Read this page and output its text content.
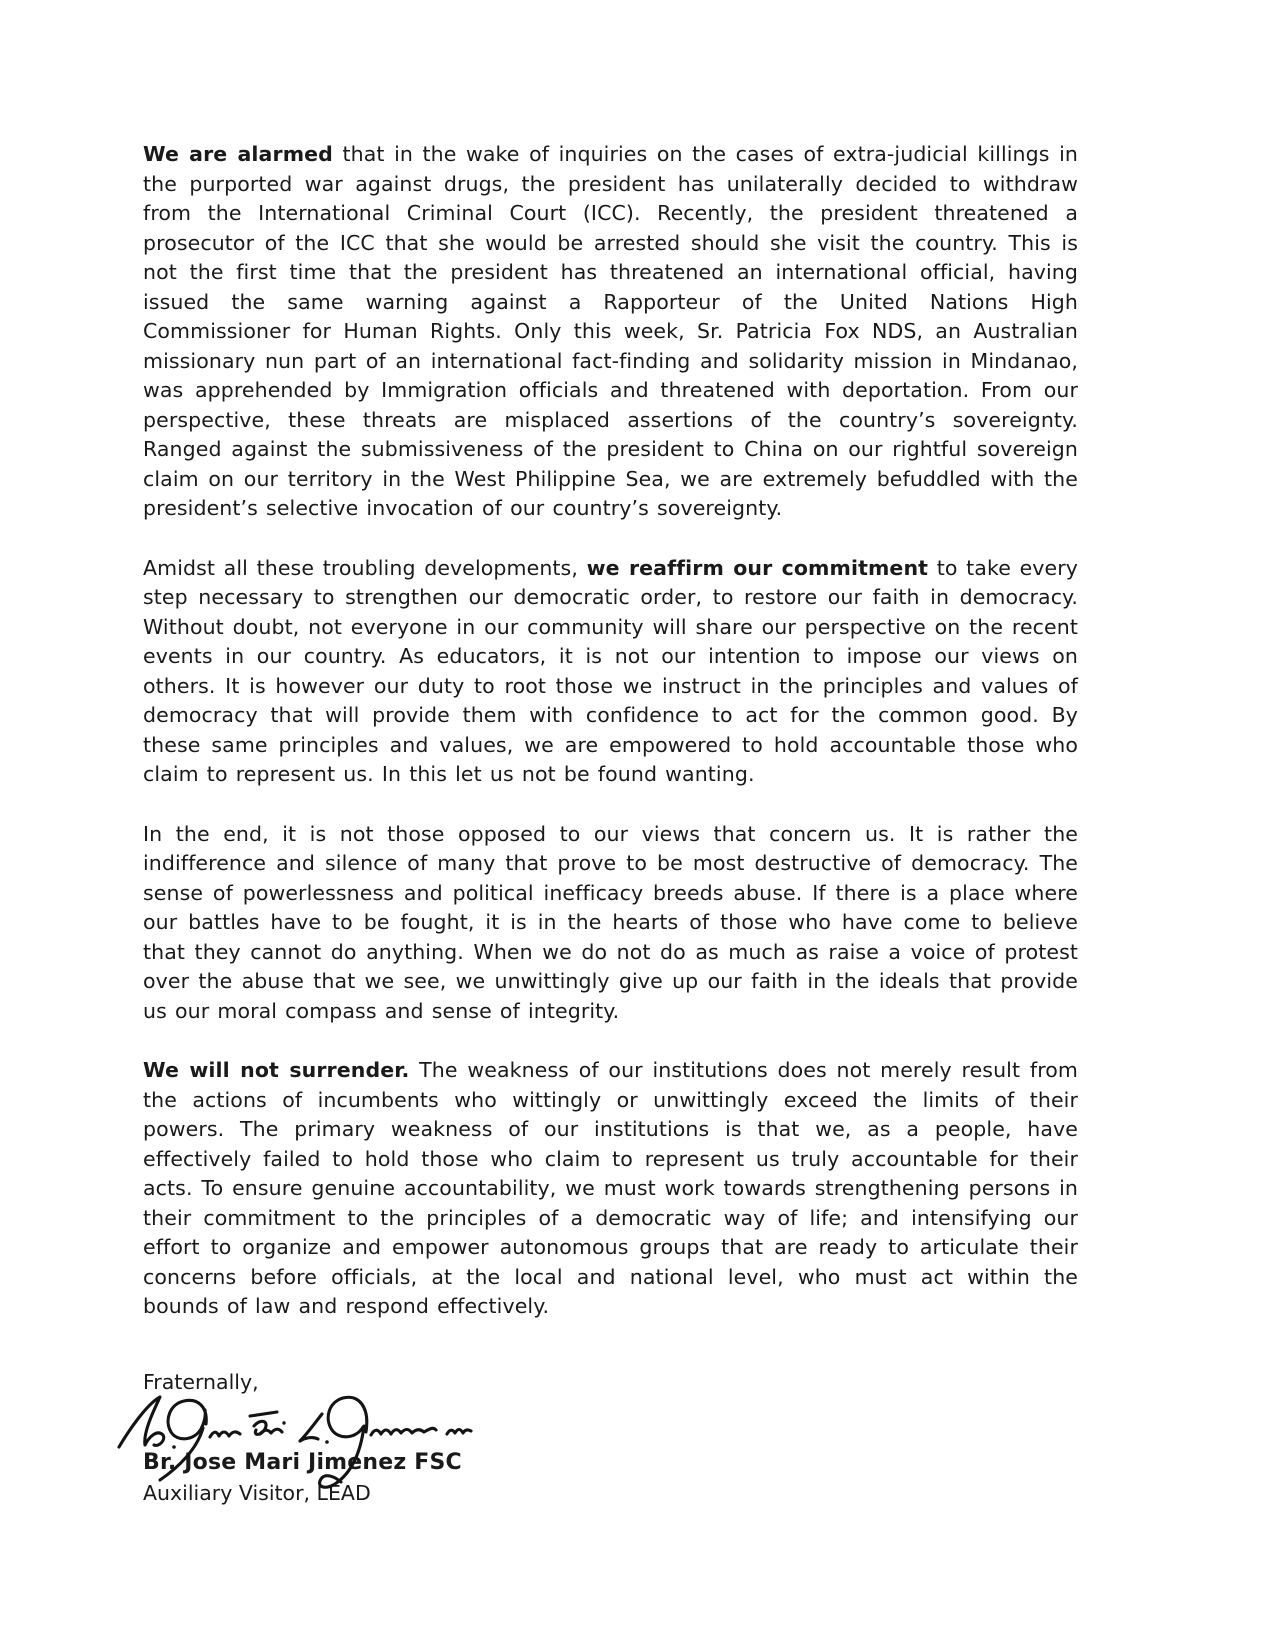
We are alarmed that in the wake of inquiries on the cases of extra-judicial killings in the purported war against drugs, the president has unilaterally decided to withdraw from the International Criminal Court (ICC). Recently, the president threatened a prosecutor of the ICC that she would be arrested should she visit the country. This is not the first time that the president has threatened an international official, having issued the same warning against a Rapporteur of the United Nations High Commissioner for Human Rights. Only this week, Sr. Patricia Fox NDS, an Australian missionary nun part of an international fact-finding and solidarity mission in Mindanao, was apprehended by Immigration officials and threatened with deportation. From our perspective, these threats are misplaced assertions of the country’s sovereignty. Ranged against the submissiveness of the president to China on our rightful sovereign claim on our territory in the West Philippine Sea, we are extremely befuddled with the president’s selective invocation of our country’s sovereignty.

Amidst all these troubling developments, we reaffirm our commitment to take every step necessary to strengthen our democratic order, to restore our faith in democracy. Without doubt, not everyone in our community will share our perspective on the recent events in our country. As educators, it is not our intention to impose our views on others. It is however our duty to root those we instruct in the principles and values of democracy that will provide them with confidence to act for the common good. By these same principles and values, we are empowered to hold accountable those who claim to represent us. In this let us not be found wanting.

In the end, it is not those opposed to our views that concern us. It is rather the indifference and silence of many that prove to be most destructive of democracy. The sense of powerlessness and political inefficacy breeds abuse. If there is a place where our battles have to be fought, it is in the hearts of those who have come to believe that they cannot do anything. When we do not do as much as raise a voice of protest over the abuse that we see, we unwittingly give up our faith in the ideals that provide us our moral compass and sense of integrity.

We will not surrender. The weakness of our institutions does not merely result from the actions of incumbents who wittingly or unwittingly exceed the limits of their powers. The primary weakness of our institutions is that we, as a people, have effectively failed to hold those who claim to represent us truly accountable for their acts. To ensure genuine accountability, we must work towards strengthening persons in their commitment to the principles of a democratic way of life; and intensifying our effort to organize and empower autonomous groups that are ready to articulate their concerns before officials, at the local and national level, who must act within the bounds of law and respond effectively.

Fraternally,
Br. Jose Mari Jimenez FSC
Auxiliary Visitor, LEAD
